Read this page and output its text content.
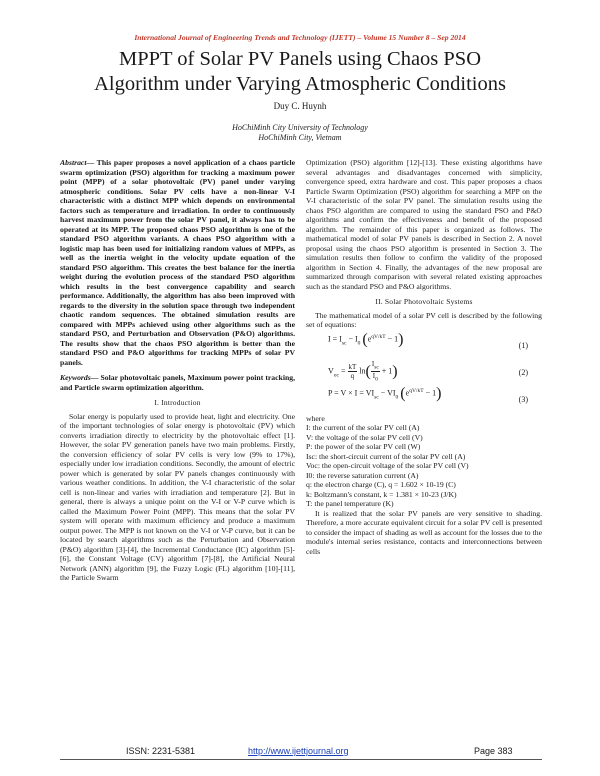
International Journal of Engineering Trends and Technology (IJETT) – Volume 15 Number 8 – Sep 2014
MPPT of Solar PV Panels using Chaos PSO
Algorithm under Varying Atmospheric Conditions
Duy C. Huynh
HoChiMinh City University of Technology
HoChiMinh City, Vietnam

Abstract— This paper proposes a novel application of a chaos particle swarm optimization (PSO) algorithm for tracking a maximum power point (MPP) of a solar photovoltaic (PV) panel under varying atmospheric conditions. Solar PV cells have a non-linear V-I characteristic with a distinct MPP which depends on environmental factors such as temperature and irradiation. In order to continuously harvest maximum power from the solar PV panel, it always has to be operated at its MPP. The proposed chaos PSO algorithm is one of the standard PSO algorithm variants. A chaos PSO algorithm with a logistic map has been used for initializing random values of MPPs, as well as the inertia weight in the velocity update equation of the standard PSO algorithm. This creates the best balance for the inertia weight during the evolution process of the standard PSO algorithm which results in the best convergence capability and search performance. Additionally, the algorithm has also been improved with regards to the diversity in the solution space through two independent chaotic random sequences. The obtained simulation results are compared with MPPs achieved using other algorithms such as the standard PSO, and Perturbation and Observation (P&O) algorithms. The results show that the chaos PSO algorithm is better than the standard PSO and P&O algorithms for tracking MPPs of solar PV panels.

Keywords— Solar photovoltaic panels, Maximum power point tracking, and Particle swarm optimization algorithm.

I. Introduction

Solar energy is popularly used to provide heat, light and electricity. One of the important technologies of solar energy is photovoltaic (PV) which converts irradiation directly to electricity by the photovoltaic effect [1]. However, the solar PV generation panels have two main problems. Firstly, the conversion efficiency of solar PV cells is very low (9% to 17%), especially under low irradiation conditions. Secondly, the amount of electric power which is generated by solar PV panels changes continuously with various weather conditions. In addition, the V-I characteristic of the solar cell is non-linear and varies with irradiation and temperature [2]. But in general, there is always a unique point on the V-I or V-P curve which is called the Maximum Power Point (MPP). This means that the solar PV system will operate with maximum efficiency and produce a maximum output power. The MPP is not known on the V-I or V-P curve, but it can be located by search algorithms such as the Perturbation and Observation (P&O) algorithm [3]-[4], the Incremental Conductance (IC) algorithm [5]-[6], the Constant Voltage (CV) algorithm [7]-[8], the Artificial Neural Network (ANN) algorithm [9], the Fuzzy Logic (FL) algorithm [10]-[11], the Particle Swarm

Optimization (PSO) algorithm [12]-[13]. These existing algorithms have several advantages and disadvantages concerned with simplicity, convergence speed, extra hardware and cost. This paper proposes a chaos Particle Swarm Optimization (PSO) algorithm for searching a MPP on the V-I characteristic of the solar PV panel. The simulation results using the chaos PSO algorithm are compared to using the standard PSO and P&O algorithms and confirm the effectiveness and benefit of the proposed algorithm. The remainder of this paper is organized as follows. The mathematical model of solar PV panels is described in Section 2. A novel proposal using the chaos PSO algorithm is presented in Section 3. The simulation results then follow to confirm the validity of the proposed algorithm in Section 4. Finally, the advantages of the new proposal are summarized through comparison with several related existing approaches such as the standard PSO and P&O algorithms.

II. Solar Photovoltaic Systems

The mathematical model of a solar PV cell is described by the following set of equations:

$I = I_{sc} - I_0$ $(e^{qV/kT} - 1)$	(1)
$V_{oc} = \frac{kT}{q} \ln( \frac{I_{sc}}{I_0} + 1)$	(2)
$P = V \times I = VI_{sc} - VI_0$ $(e^{qV/kT} - 1)$	(3)

where

I: the current of the solar PV cell (A)

V: the voltage of the solar PV cell (V)

P: the power of the solar PV cell (W)

Isc: the short-circuit current of the solar PV cell (A)

Voc: the open-circuit voltage of the solar PV cell (V)

I0: the reverse saturation current (A)

q: the electron charge (C), q = 1.602 × 10-19 (C)

k: Boltzmann's constant, k = 1.381 × 10-23 (J/K)

T: the panel temperature (K)

It is realized that the solar PV panels are very sensitive to shading. Therefore, a more accurate equivalent circuit for a solar PV cell is presented to consider the impact of shading as well as account for the losses due to the module's internal series resistance, contacts and interconnections between cells

ISSN: 2231-5381	http://www.ijettjournal.org	Page 383
